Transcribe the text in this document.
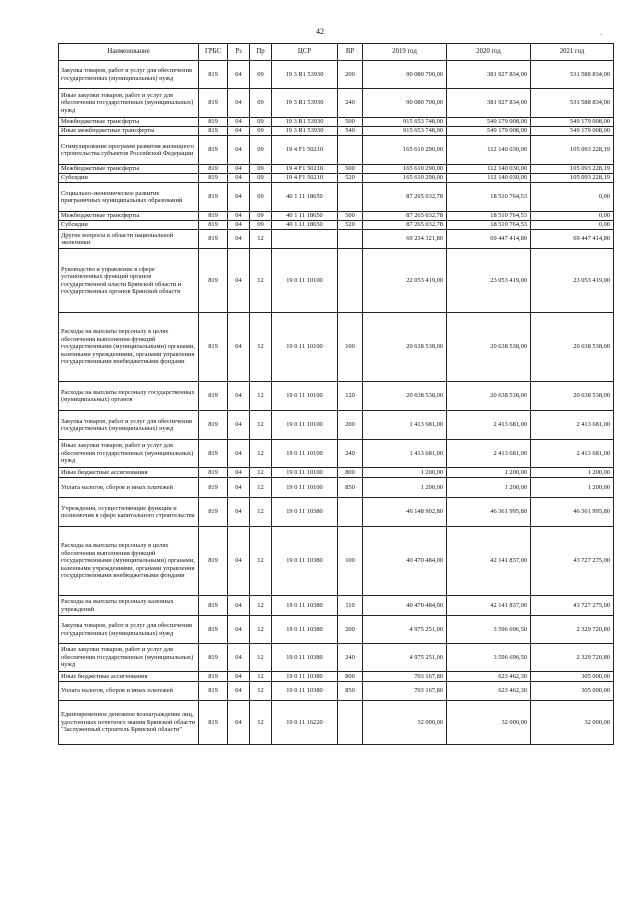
42	-
Наименование	ГРБС	Рз	Пр	ЦСР	ВР	2019 год	2020 год	2021 год
Закупка товаров, работ и услуг для обеспечения государственных (муниципальных) нужд	819	04	09	19 3 R1 53930	200	90 080 700,00	381 927 834,00	531 588 834,00
Иные закупки товаров, работ и услуг для обеспечения государственных (муниципальных) нужд	819	04	09	19 3 R1 53930	240	90 080 700,00	381 927 834,00	531 588 834,00
Межбюджетные трансферты	819	04	09	19 3 R1 53930	500	915 653 748,00	549 179 008,00	549 179 008,00
Иные межбюджетные трансферты	819	04	09	19 3 R1 53930	540	915 653 748,00	549 179 008,00	549 179 008,00
Стимулирование программ развития жилищного строительства субъектов Российской Федерации	819	04	09	19 4 F1 50210		165 610 290,00	112 140 030,00	105 093 228,19
Межбюджетные трансферты	819	04	09	19 4 F1 50210	500	165 610 290,00	112 140 030,00	105 093 228,19
Субсидии	819	04	09	19 4 F1 50210	520	165 610 290,00	112 140 030,00	105 093 228,19
Социально-экономическое развитие приграничных муниципальных образований	819	04	09	40 1 11 18650		87 265 032,78	18 510 764,53	0,00
Межбюджетные трансферты	819	04	09	40 1 11 18650	500	87 265 032,78	18 510 764,53	0,00
Субсидии	819	04	09	40 1 11 18650	520	87 265 032,78	18 510 764,53	0,00
Другие вопросы в области национальной экономики	819	04	12			69 234 321,80	69 447 414,80	69 447 414,80
Руководство и управление в сфере установленных функций органов государственной власти Брянской области и государственных органов Брянской области	819	04	12	19 0 11 10100		22 053 419,00	23 053 419,00	23 053 419,00
Расходы на выплаты персоналу в целях обеспечения выполнения функций государственными (муниципальными) органами, казенными учреждениями, органами управления государственными внебюджетными фондами	819	04	12	19 0 11 10100	100	20 638 538,00	20 638 538,00	20 638 538,00
Расходы на выплаты персоналу государственных (муниципальных) органов	819	04	12	19 0 11 10100	120	20 638 538,00	20 638 538,00	20 638 538,00
Закупка товаров, работ и услуг для обеспечения государственных (муниципальных) нужд	819	04	12	19 0 11 10100	200	1 413 681,00	2 413 681,00	2 413 681,00
Иные закупки товаров, работ и услуг для обеспечения государственных (муниципальных) нужд	819	04	12	19 0 11 10100	240	1 413 681,00	2 413 681,00	2 413 681,00
Иные бюджетные ассигнования	819	04	12	19 0 11 10100	800	1 200,00	1 200,00	1 200,00
Уплата налогов, сборов и иных платежей	819	04	12	19 0 11 10100	850	1 200,00	1 200,00	1 200,00
Учреждения, осуществляющие функции и полномочия в сфере капитального строительства	819	04	12	19 0 11 10380		46 148 902,80	46 361 995,80	46 361 995,80
Расходы на выплаты персоналу в целях обеспечения выполнения функций государственными (муниципальными) органами, казенными учреждениями, органами управления государственными внебюджетными фондами	819	04	12	19 0 11 10380	100	40 470 484,00	42 141 837,00	43 727 275,00
Расходы на выплаты персоналу казенных учреждений	819	04	12	19 0 11 10380	110	40 470 484,00	42 141 837,00	43 727 275,00
Закупка товаров, работ и услуг для обеспечения государственных (муниципальных) нужд	819	04	12	19 0 11 10380	200	4 975 251,00	3 596 696,50	2 329 720,80
Иные закупки товаров, работ и услуг для обеспечения государственных (муниципальных) нужд	819	04	12	19 0 11 10380	240	4 975 251,00	3 596 696,50	2 329 720,80
Иные бюджетные ассигнования	819	04	12	19 0 11 10380	800	703 167,80	623 462,30	305 000,00
Уплата налогов, сборов и иных платежей	819	04	12	19 0 11 10380	850	703 167,80	623 462,30	305 000,00
Единовременное денежное вознаграждение лиц, удостоенных почетного звания Брянской области "Заслуженный строитель Брянской области"	819	04	12	19 0 11 16220		32 000,00	32 000,00	32 000,00
